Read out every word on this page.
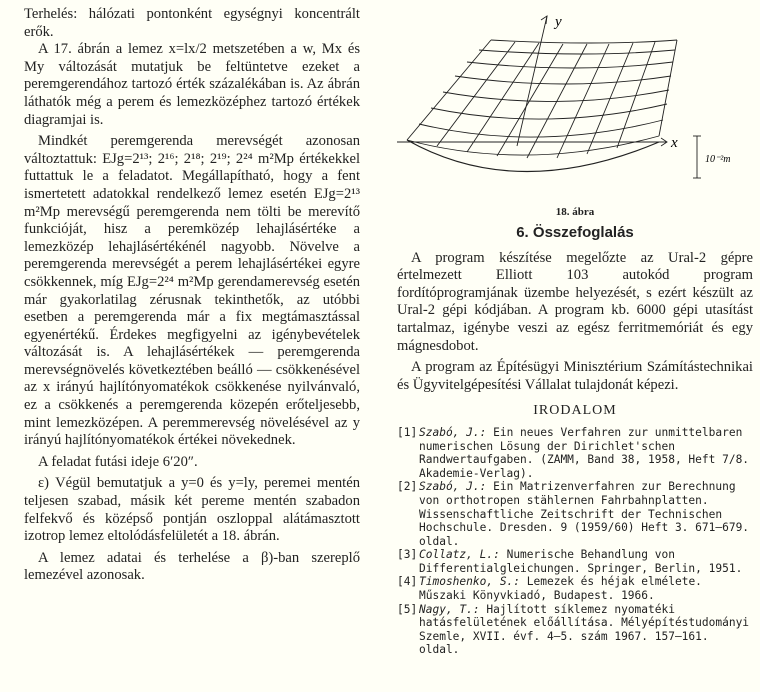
Terhelés: hálózati pontonként egységnyi koncentrált erők.

A 17. ábrán a lemez x=lx/2 metszetében a w, Mx és My változását mutatjuk be feltüntetve ezeket a peremgerendához tartozó érték százalékában is. Az ábrán láthatók még a perem és lemezközéphez tartozó értékek diagramjai is.

Mindkét peremgerenda merevségét azonosan változtattuk: EJg=2¹³; 2¹⁶; 2¹⁸; 2¹⁹; 2²⁴ m²Mp értékekkel futtattuk le a feladatot. Megállapítható, hogy a fent ismertetett adatokkal rendelkező lemez esetén EJg=2¹³ m²Mp merevségű peremgerenda nem tölti be merevítő funkcióját, hisz a peremközép lehajlásértéke a lemezközép lehajlásértékénél nagyobb. Növelve a peremgerenda merevségét a perem lehajlásértékei egyre csökkennek, míg EJg=2²⁴ m²Mp gerendamerevség esetén már gyakorlatilag zérusnak tekinthetők, az utóbbi esetben a peremgerenda már a fix megtámasztással egyenértékű. Érdekes megfigyelni az igénybevételek változását is. A lehajlásértékek — peremgerenda merevségnövelés következtében beálló — csökkenésével az x irányú hajlítónyomatékok csökkenése nyilvánvaló, ez a csökkenés a peremgerenda közepén erőteljesebb, mint lemezközépen. A peremmerevség növelésével az y irányú hajlítónyomatékok értékei növekednek.

A feladat futási ideje 6′20″.

ε) Végül bemutatjuk a y=0 és y=ly, peremei mentén teljesen szabad, másik két pereme mentén szabadon felfekvő és középső pontján oszloppal alátámasztott izotrop lemez eltolódásfelületét a 18. ábrán.

A lemez adatai és terhelése a β)-ban szereplő lemezével azonosak.

y
x
10⁻²m
18. ábra
6. Összefoglalás

A program készítése megelőzte az Ural-2 gépre értelmezett Elliott 103 autokód program fordítóprogramjának üzembe helyezését, s ezért készült az Ural-2 gépi kódjában. A program kb. 6000 gépi utasítást tartalmaz, igénybe veszi az egész ferritmemóriát és egy mágnesdobot.

A program az Építésügyi Minisztérium Számítástechnikai és Ügyvitelgépesítési Vállalat tulajdonát képezi.

IRODALOM
[1] Szabó, J.: Ein neues Verfahren zur unmittelbaren numerischen Lösung der Dirichlet'schen Randwertaufgaben. (ZAMM, Band 38, 1958, Heft 7/8. Akademie-Verlag).
[2] Szabó, J.: Ein Matrizenverfahren zur Berechnung von orthotropen stählernen Fahrbahnplatten. Wissenschaftliche Zeitschrift der Technischen Hochschule. Dresden. 9 (1959/60) Heft 3. 671—679. oldal.
[3] Collatz, L.: Numerische Behandlung von Differentialgleichungen. Springer, Berlin, 1951.
[4] Timoshenko, S.: Lemezek és héjak elmélete. Műszaki Könyvkiadó, Budapest. 1966.
[5] Nagy, T.: Hajlított síklemez nyomatéki hatásfelületének előállítása. Mélyépítéstudományi Szemle, XVII. évf. 4—5. szám 1967. 157—161. oldal.
